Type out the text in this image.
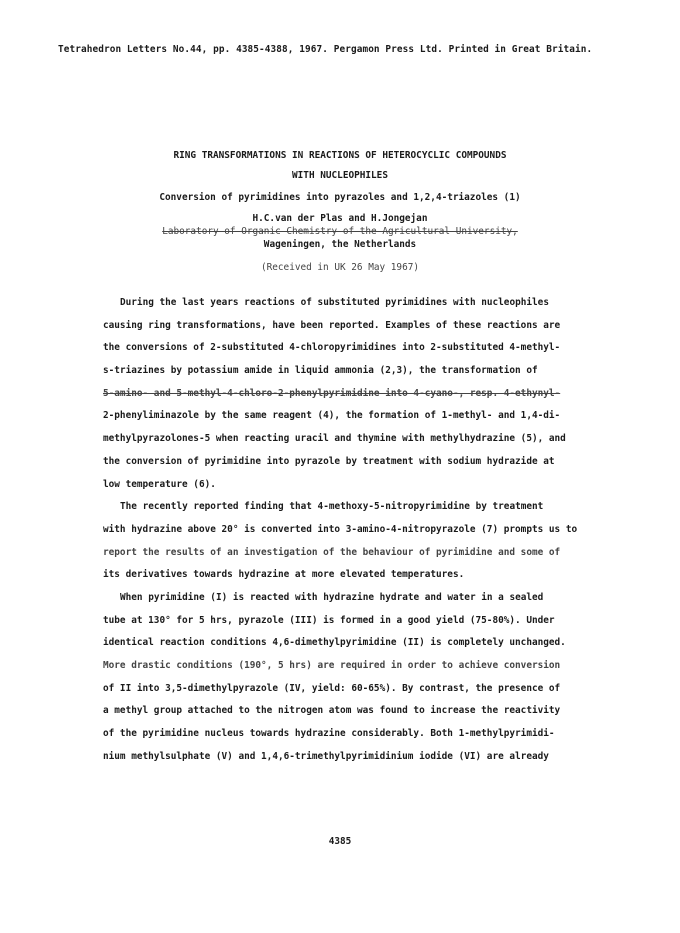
Tetrahedron Letters No.44, pp. 4385-4388, 1967. Pergamon Press Ltd. Printed in Great Britain.
RING TRANSFORMATIONS IN REACTIONS OF HETEROCYCLIC COMPOUNDS
WITH NUCLEOPHILES
Conversion of pyrimidines into pyrazoles and 1,2,4-triazoles (1)
H.C.van der Plas and H.Jongejan
Laboratory of Organic Chemistry of the Agricultural University,
Wageningen, the Netherlands
(Received in UK 26 May 1967)
During the last years reactions of substituted pyrimidines with nucleophiles
causing ring transformations, have been reported. Examples of these reactions are
the conversions of 2-substituted 4-chloropyrimidines into 2-substituted 4-methyl-
s-triazines by potassium amide in liquid ammonia (2,3), the transformation of
5-amino- and 5-methyl-4-chloro-2-phenylpyrimidine into 4-cyano-, resp. 4-ethynyl-
2-phenyliminazole by the same reagent (4), the formation of 1-methyl- and 1,4-di-
methylpyrazolones-5 when reacting uracil and thymine with methylhydrazine (5), and
the conversion of pyrimidine into pyrazole by treatment with sodium hydrazide at
low temperature (6).
The recently reported finding that 4-methoxy-5-nitropyrimidine by treatment
with hydrazine above 20° is converted into 3-amino-4-nitropyrazole (7) prompts us to
report the results of an investigation of the behaviour of pyrimidine and some of
its derivatives towards hydrazine at more elevated temperatures.
When pyrimidine (I) is reacted with hydrazine hydrate and water in a sealed
tube at 130° for 5 hrs, pyrazole (III) is formed in a good yield (75-80%). Under
identical reaction conditions 4,6-dimethylpyrimidine (II) is completely unchanged.
More drastic conditions (190°, 5 hrs) are required in order to achieve conversion
of II into 3,5-dimethylpyrazole (IV, yield: 60-65%). By contrast, the presence of
a methyl group attached to the nitrogen atom was found to increase the reactivity
of the pyrimidine nucleus towards hydrazine considerably. Both 1-methylpyrimidi-
nium methylsulphate (V) and 1,4,6-trimethylpyrimidinium iodide (VI) are already
4385
